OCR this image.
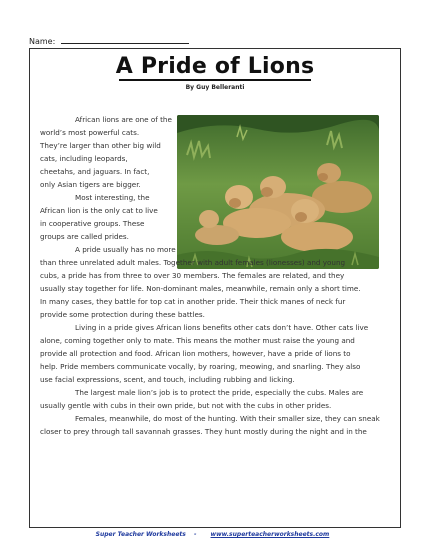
Name:
A Pride of Lions
By Guy Belleranti

African lions are one of the

world’s most powerful cats.

They’re larger than other big wild

cats, including leopards,

cheetahs, and jaguars. In fact,

only Asian tigers are bigger.

Most interesting, the

African lion is the only cat to live

in cooperative groups. These

groups are called prides.

A pride usually has no more

than three unrelated adult males. Together with adult females (lionesses) and young

cubs, a pride has from three to over 30 members. The females are related, and they

usually stay together for life. Non-dominant males, meanwhile, remain only a short time.

In many cases, they battle for top cat in another pride. Their thick manes of neck fur

provide some protection during these battles.

Living in a pride gives African lions benefits other cats don’t have. Other cats live

alone, coming together only to mate. This means the mother must raise the young and

provide all protection and food. African lion mothers, however, have a pride of lions to

help. Pride members communicate vocally, by roaring, meowing, and snarling. They also

use facial expressions, scent, and touch, including rubbing and licking.

The largest male lion’s job is to protect the pride, especially the cubs. Males are

usually gentle with cubs in their own pride, but not with the cubs in other prides.

Females, meanwhile, do most of the hunting. With their smaller size, they can sneak

closer to prey through tall savannah grasses. They hunt mostly during the night and in the

Super Teacher Worksheets - www.superteacherworksheets.com
